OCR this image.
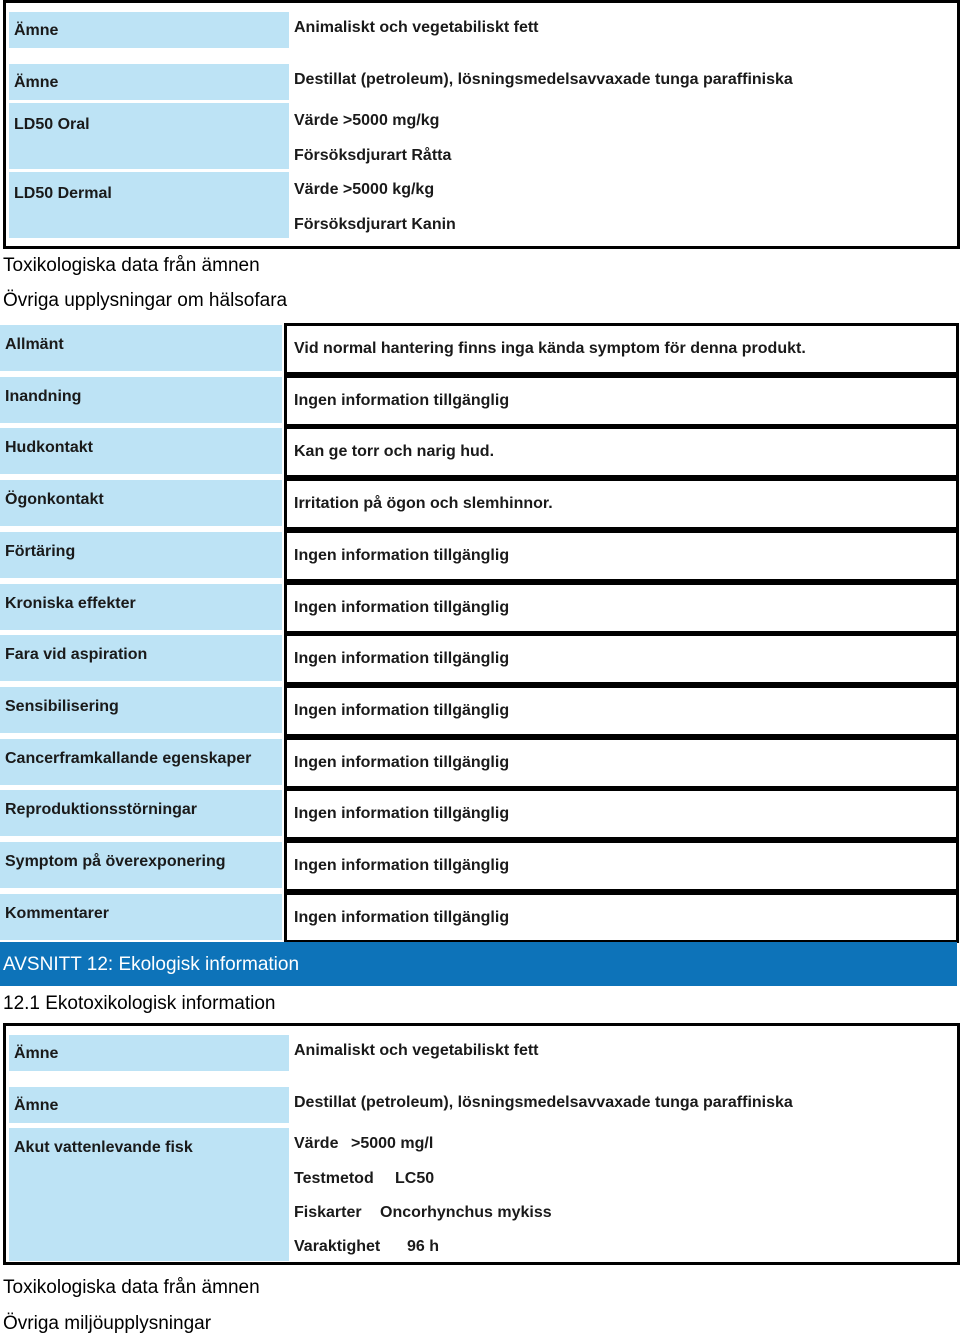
Ämne	Animaliskt och vegetabiliskt fett
Ämne	Destillat (petroleum), lösningsmedelsavvaxade tunga paraffiniska
LD50 Oral	Värde >5000 mg/kg
Försöksdjurart Råtta
LD50 Dermal	Värde >5000 kg/kg
Försöksdjurart Kanin
Toxikologiska data från ämnen
Övriga upplysningar om hälsofara
Allmänt	Vid normal hantering finns inga kända symptom för denna produkt.
Inandning	Ingen information tillgänglig
Hudkontakt	Kan ge torr och narig hud.
Ögonkontakt	Irritation på ögon och slemhinnor.
Förtäring	Ingen information tillgänglig
Kroniska effekter	Ingen information tillgänglig
Fara vid aspiration	Ingen information tillgänglig
Sensibilisering	Ingen information tillgänglig
Cancerframkallande egenskaper	Ingen information tillgänglig
Reproduktionsstörningar	Ingen information tillgänglig
Symptom på överexponering	Ingen information tillgänglig
Kommentarer	Ingen information tillgänglig
AVSNITT 12: Ekologisk information
12.1 Ekotoxikologisk information
Ämne	Animaliskt och vegetabiliskt fett
Ämne	Destillat (petroleum), lösningsmedelsavvaxade tunga paraffiniska
Akut vattenlevande fisk	Värde >5000 mg/l
Testmetod LC50
Fiskarter Oncorhynchus mykiss
Varaktighet 96 h
Toxikologiska data från ämnen
Övriga miljöupplysningar
